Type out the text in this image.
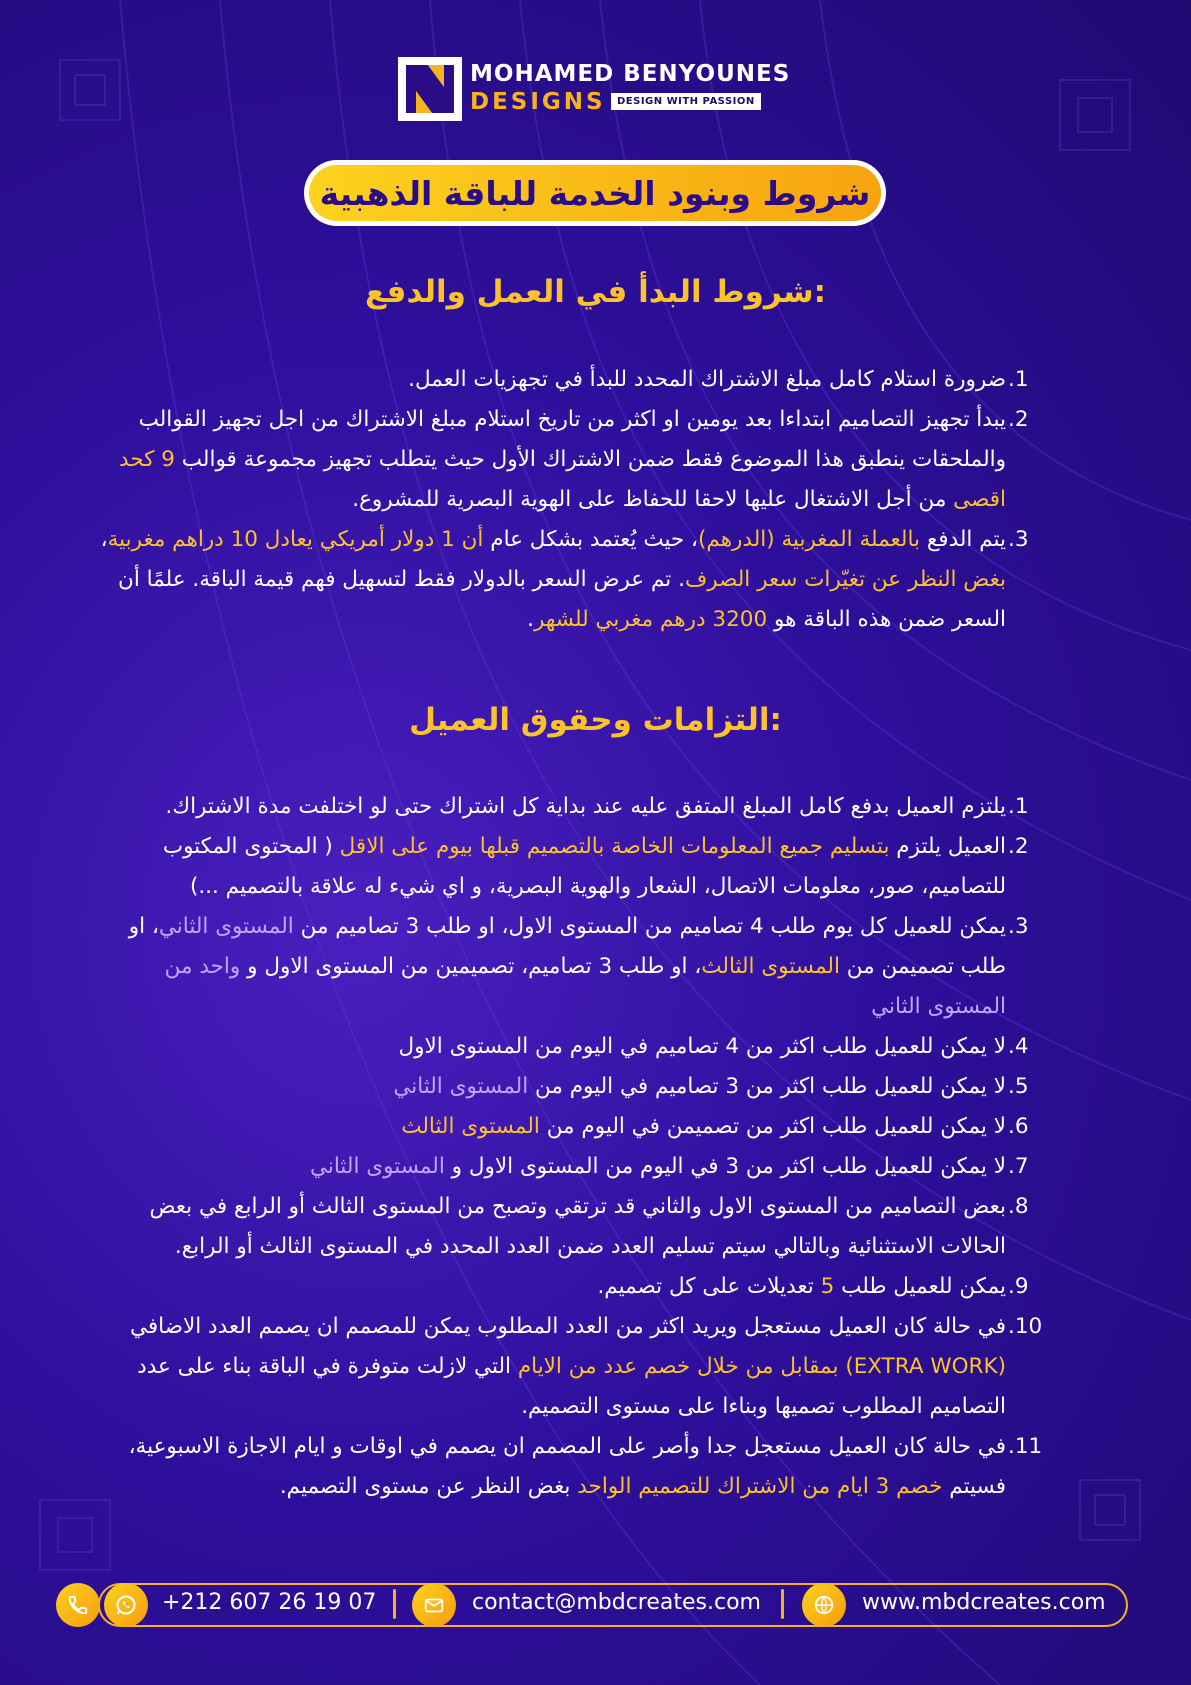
MOHAMED BENYOUNES
DESIGNS	DESIGN WITH PASSION
شروط وبنود الخدمة للباقة الذهبية
شروط البدأ في العمل والدفع:
.1
ضرورة استلام كامل مبلغ الاشتراك المحدد للبدأ في تجهزيات العمل.
.2
يبدأ تجهيز التصاميم ابتداءا بعد يومين او اكثر من تاريخ استلام مبلغ الاشتراك من اجل تجهيز القوالب والملحقات ينطبق هذا الموضوع فقط ضمن الاشتراك الأول حيث يتطلب تجهيز مجموعة قوالب 9 كحد اقصى من أجل الاشتغال عليها لاحقا للحفاظ على الهوية البصرية للمشروع.
.3
يتم الدفع بالعملة المغربية (الدرهم)، حيث يُعتمد بشكل عام أن 1 دولار أمريكي يعادل 10 دراهم مغربية، بغض النظر عن تغيّرات سعر الصرف. تم عرض السعر بالدولار فقط لتسهيل فهم قيمة الباقة. علمًا أن السعر ضمن هذه الباقة هو 3200 درهم مغربي للشهر.
التزامات وحقوق العميل:
.1
يلتزم العميل بدفع كامل المبلغ المتفق عليه عند بداية كل اشتراك حتى لو اختلفت مدة الاشتراك.
.2
العميل يلتزم بتسليم جميع المعلومات الخاصة بالتصميم قبلها بيوم على الاقل ( المحتوى المكتوب للتصاميم، صور، معلومات الاتصال، الشعار والهوية البصرية، و اي شيء له علاقة بالتصميم ...)
.3
يمكن للعميل كل يوم طلب 4 تصاميم من المستوى الاول، او طلب 3 تصاميم من المستوى الثاني، او طلب تصميمن من المستوى الثالث، او طلب 3 تصاميم، تصميمين من المستوى الاول و واحد من المستوى الثاني
.4
لا يمكن للعميل طلب اكثر من 4 تصاميم في اليوم من المستوى الاول
.5
لا يمكن للعميل طلب اكثر من 3 تصاميم في اليوم من المستوى الثاني
.6
لا يمكن للعميل طلب اكثر من تصميمن في اليوم من المستوى الثالث
.7
لا يمكن للعميل طلب اكثر من 3 في اليوم من المستوى الاول و المستوى الثاني
.8
بعض التصاميم من المستوى الاول والثاني قد ترتقي وتصبح من المستوى الثالث أو الرابع في بعض الحالات الاستثنائية وبالتالي سيتم تسليم العدد ضمن العدد المحدد في المستوى الثالث أو الرابع.
.9
يمكن للعميل طلب 5 تعديلات على كل تصميم.
.10
في حالة كان العميل مستعجل ويريد اكثر من العدد المطلوب يمكن للمصمم ان يصمم العدد الاضافي (EXTRA WORK) بمقابل من خلال خصم عدد من الايام التي لازلت متوفرة في الباقة بناء على عدد التصاميم المطلوب تصميها وبناءا على مستوى التصميم.
.11
في حالة كان العميل مستعجل جدا وأصر على المصمم ان يصمم في اوقات و ايام الاجازة الاسبوعية، فسيتم خصم 3 ايام من الاشتراك للتصميم الواحد بغض النظر عن مستوى التصميم.
+212 607 26 19 07	contact@mbdcreates.com	www.mbdcreates.com
